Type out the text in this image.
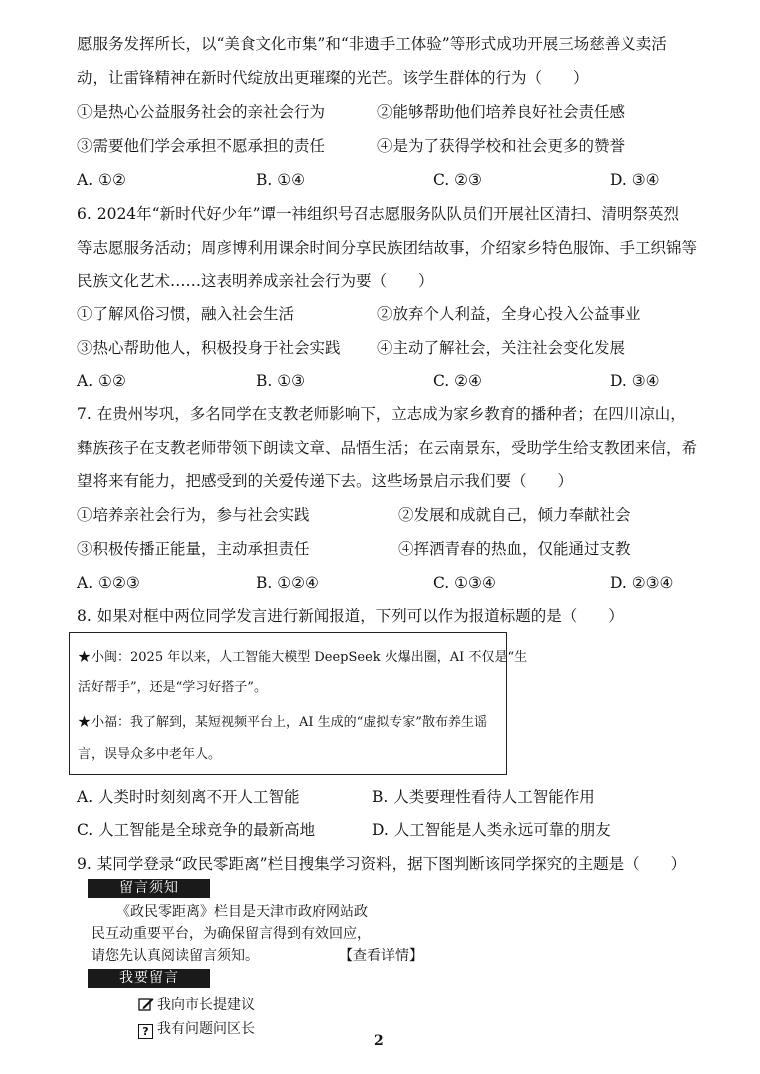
愿服务发挥所长，以“美食文化市集”和“非遗手工体验”等形式成功开展三场慈善义卖活
动，让雷锋精神在新时代绽放出更璀璨的光芒。该学生群体的行为（　　）
①是热心公益服务社会的亲社会行为	②能够帮助他们培养良好社会责任感
③需要他们学会承担不愿承担的责任	④是为了获得学校和社会更多的赞誉
A. ①②	B. ①④	C. ②③	D. ③④
6. 2024年“新时代好少年”谭一祎组织号召志愿服务队队员们开展社区清扫、清明祭英烈
等志愿服务活动；周彦博利用课余时间分享民族团结故事，介绍家乡特色服饰、手工织锦等
民族文化艺术……这表明养成亲社会行为要（　　）
①了解风俗习惯，融入社会生活	②放弃个人利益，全身心投入公益事业
③热心帮助他人，积极投身于社会实践 ④主动了解社会，关注社会变化发展
A. ①②	B. ①③	C. ②④	D. ③④
7. 在贵州岑巩，多名同学在支教老师影响下，立志成为家乡教育的播种者；在四川凉山，
彝族孩子在支教老师带领下朗读文章、品悟生活；在云南景东，受助学生给支教团来信，希
望将来有能力，把感受到的关爱传递下去。这些场景启示我们要（　　）
①培养亲社会行为，参与社会实践	②发展和成就自己，倾力奉献社会
③积极传播正能量，主动承担责任	④挥洒青春的热血，仅能通过支教
A. ①②③	B. ①②④	C. ①③④	D. ②③④
8. 如果对框中两位同学发言进行新闻报道，下列可以作为报道标题的是（　　）
★小闽：2025 年以来，人工智能大模型 DeepSeek 火爆出圈，AI 不仅是“生
活好帮手”，还是“学习好搭子”。
★小福：我了解到，某短视频平台上，AI 生成的“虚拟专家”散布养生谣
言，误导众多中老年人。
A. 人类时时刻刻离不开人工智能	B. 人类要理性看待人工智能作用
C. 人工智能是全球竞争的最新高地	D. 人工智能是人类永远可靠的朋友
9. 某同学登录“政民零距离”栏目搜集学习资料，据下图判断该同学探究的主题是（　　）
留言须知
《政民零距离》栏目是天津市政府网站政
民互动重要平台，为确保留言得到有效回应，
请您先认真阅读留言须知。	【查看详情】
我要留言
我向市长提建议
? 我有问题问区长
2
